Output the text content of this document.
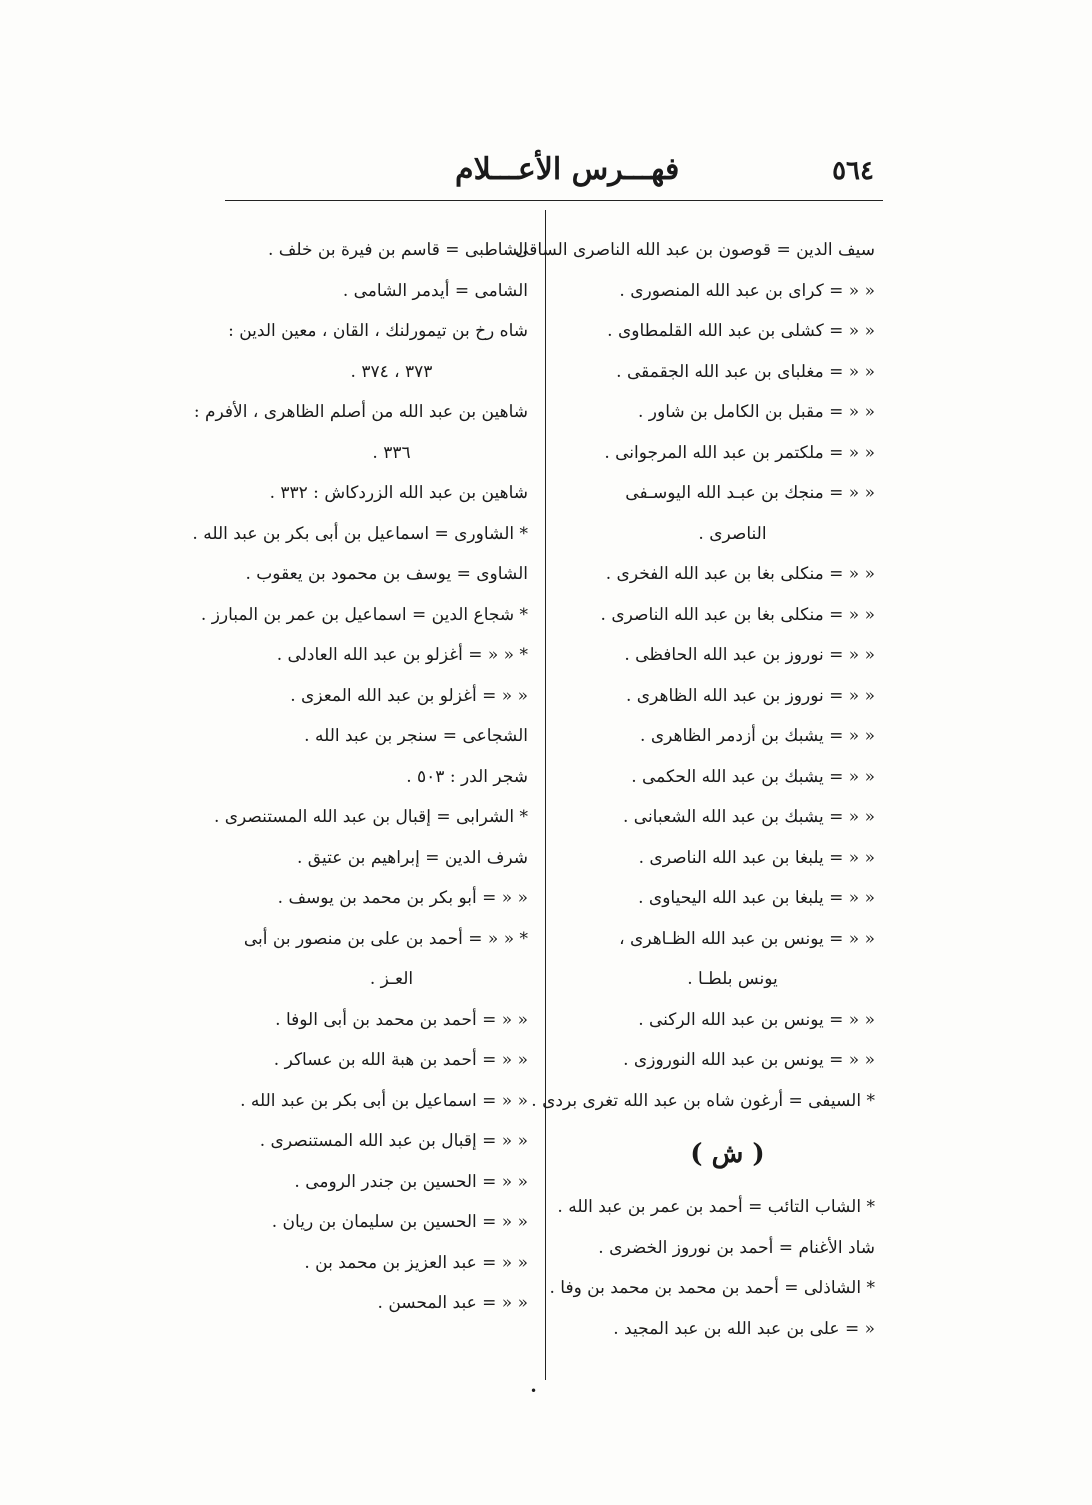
٥٦٤
فهـــرس الأعـــلام
•
سيف الدين = قوصون بن عبد الله الناصرى الساقى .
« « = كراى بن عبد الله المنصورى .
« « = كشلى بن عبد الله القلمطاوى .
« « = مغلباى بن عبد الله الجقمقى .
« « = مقبل بن الكامل بن شاور .
« « = ملكتمر بن عبد الله المرجوانى .
« « = منجك بن عبـد الله اليوسـفى
الناصرى .
« « = منكلى بغا بن عبد الله الفخرى .
« « = منكلى بغا بن عبد الله الناصرى .
« « = نوروز بن عبد الله الحافظى .
« « = نوروز بن عبد الله الظاهرى .
« « = يشبك بن أزدمر الظاهرى .
« « = يشبك بن عبد الله الحكمى .
« « = يشبك بن عبد الله الشعبانى .
« « = يلبغا بن عبد الله الناصرى .
« « = يلبغا بن عبد الله اليحياوى .
« « = يونس بن عبد الله الظـاهرى ،
يونس بلطـا .
« « = يونس بن عبد الله الركنى .
« « = يونس بن عبد الله النوروزى .
* السيفى = أرغون شاه بن عبد الله تغرى بردى .
( ش )
* الشاب التائب = أحمد بن عمر بن عبد الله .
شاد الأغنام = أحمد بن نوروز الخضرى .
* الشاذلى = أحمد بن محمد بن محمد بن وفا .
« = على بن عبد الله بن عبد المجيد .
الشاطبى = قاسم بن فيرة بن خلف .
الشامى = أيدمر الشامى .
شاه رخ بن تيمورلنك ، القان ، معين الدين :
٣٧٣ ، ٣٧٤ .
شاهين بن عبد الله من أصلم الظاهرى ، الأفرم :
٣٣٦ .
شاهين بن عبد الله الزردكاش : ٣٣٢ .
* الشاورى = اسماعيل بن أبى بكر بن عبد الله .
الشاوى = يوسف بن محمود بن يعقوب .
* شجاع الدين = اسماعيل بن عمر بن المبارز .
* « « = أغزلو بن عبد الله العادلى .
« « = أغزلو بن عبد الله المعزى .
الشجاعى = سنجر بن عبد الله .
شجر الدر : ٥٠٣ .
* الشرابى = إقبال بن عبد الله المستنصرى .
شرف الدين = إبراهيم بن عتيق .
« « = أبو بكر بن محمد بن يوسف .
* « « = أحمد بن على بن منصور بن أبى
العـز .
« « = أحمد بن محمد بن أبى الوفا .
« « = أحمد بن هبة الله بن عساكر .
« « = اسماعيل بن أبى بكر بن عبد الله .
« « = إقبال بن عبد الله المستنصرى .
« « = الحسين بن جندر الرومى .
« « = الحسين بن سليمان بن ريان .
« « = عبد العزيز بن محمد بن .
« « = عبد المحسن .
